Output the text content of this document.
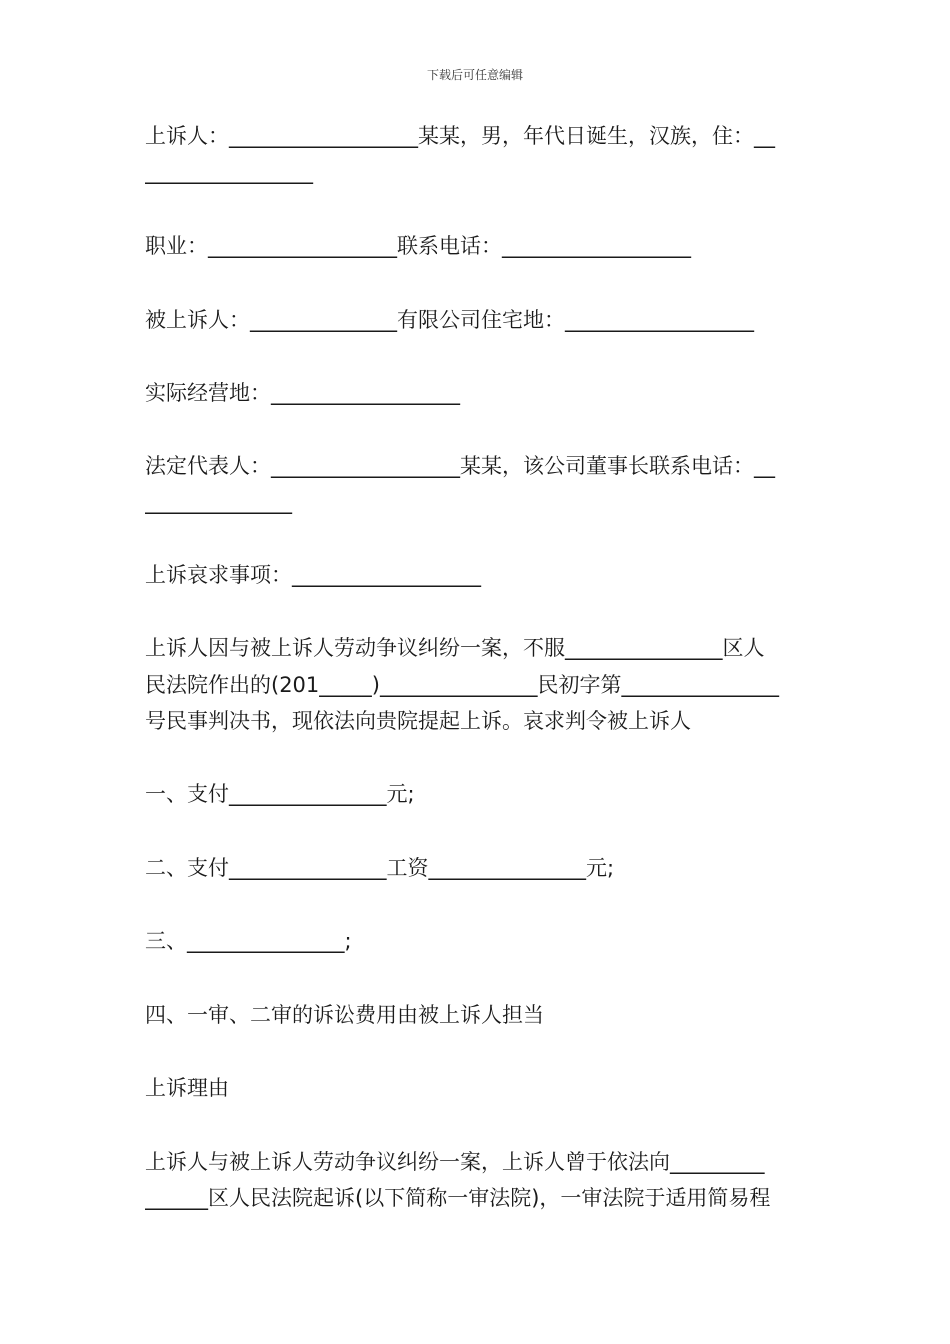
下载后可任意编辑
上诉人：__________________某某，男，年代日诞生，汉族，住：__
________________
职业：__________________联系电话：__________________
被上诉人：______________有限公司住宅地：__________________
实际经营地：__________________
法定代表人：__________________某某，该公司董事长联系电话：__
______________
上诉哀求事项：__________________
上诉人因与被上诉人劳动争议纠纷一案，不服_______________区人
民法院作出的(201_____)_______________民初字第_______________
号民事判决书，现依法向贵院提起上诉。哀求判令被上诉人
一、支付_______________元;
二、支付_______________工资_______________元;
三、_______________;
四、一审、二审的诉讼费用由被上诉人担当
上诉理由
上诉人与被上诉人劳动争议纠纷一案，上诉人曾于依法向_________
______区人民法院起诉(以下简称一审法院)，一审法院于适用简易程
